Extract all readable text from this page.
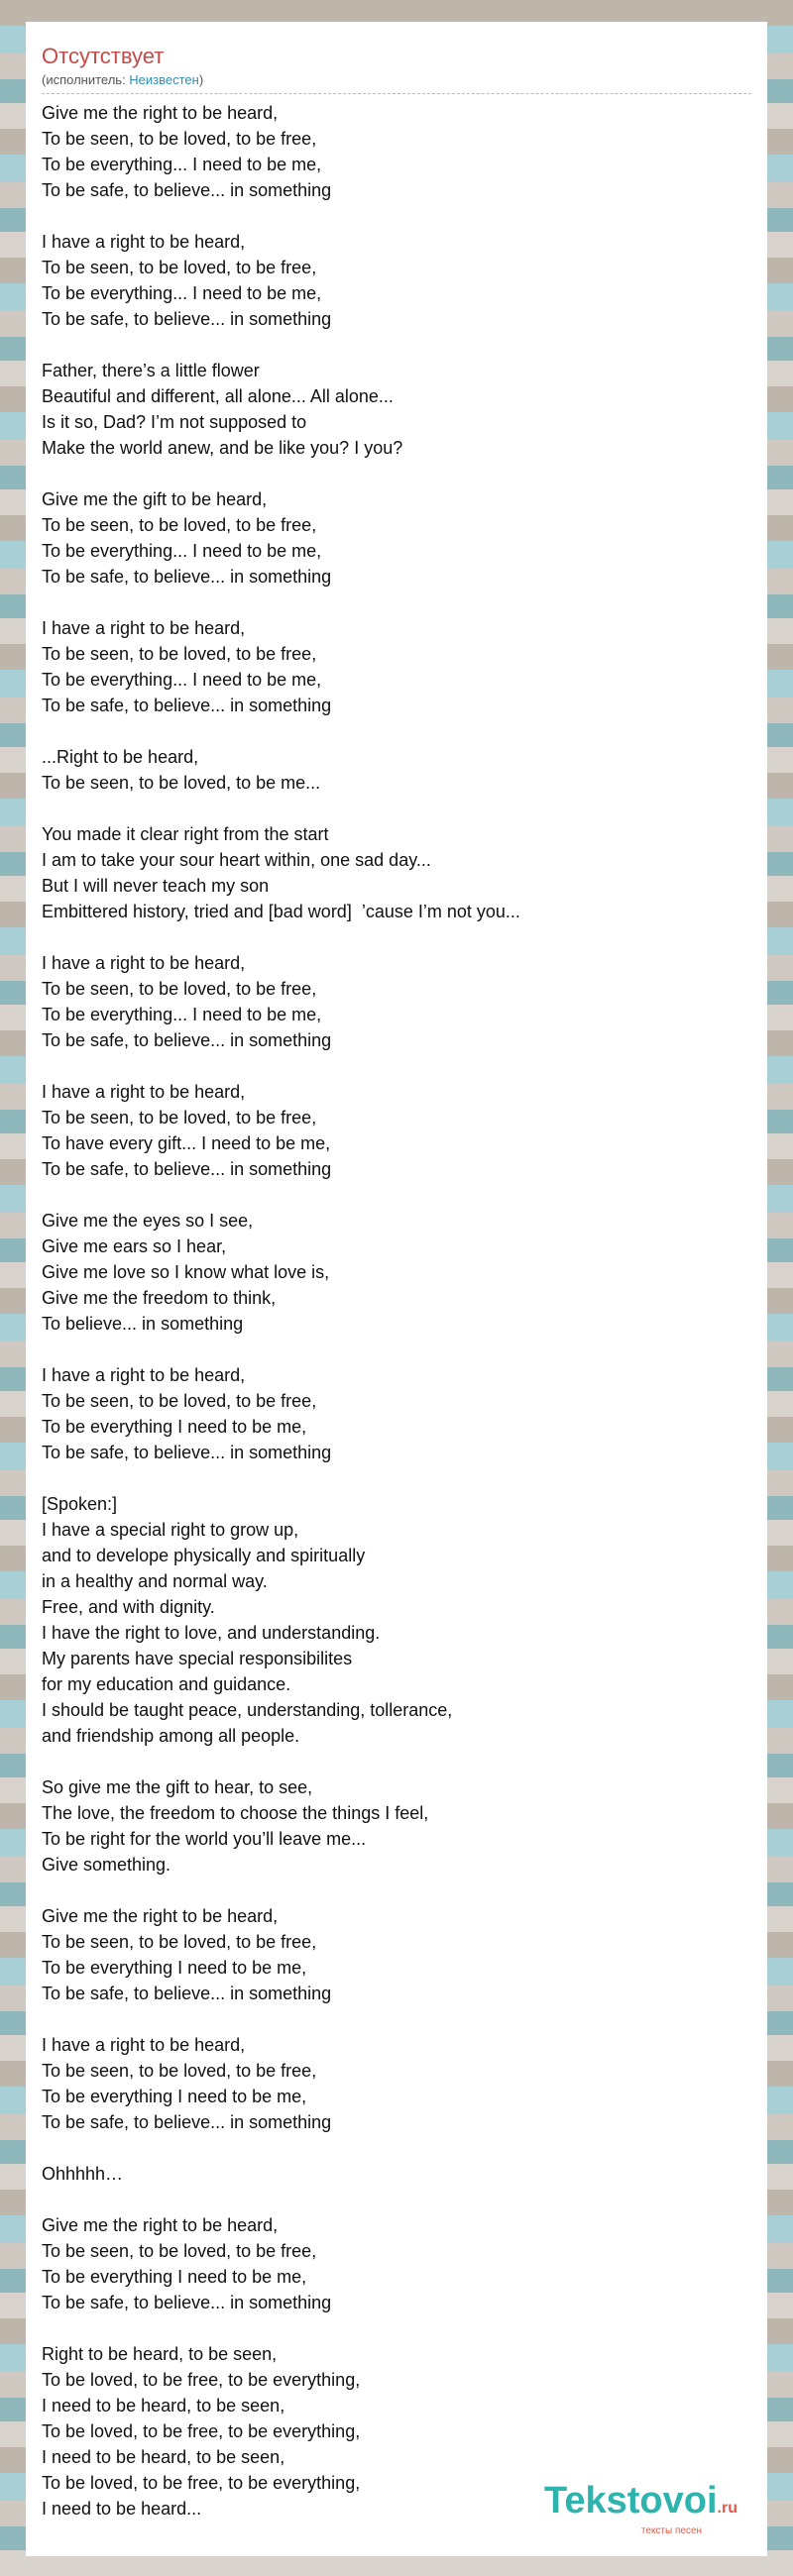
Отсутствует

(исполнитель: Неизвестен)

Give me the right to be heard,
To be seen, to be loved, to be free,
To be everything... I need to be me,
To be safe, to believe... in something
I have a right to be heard,
To be seen, to be loved, to be free,
To be everything... I need to be me,
To be safe, to believe... in something
Father, there’s a little flower
Beautiful and different, all alone... All alone...
Is it so, Dad? I’m not supposed to
Make the world anew, and be like you? I you?
Give me the gift to be heard,
To be seen, to be loved, to be free,
To be everything... I need to be me,
To be safe, to believe... in something
I have a right to be heard,
To be seen, to be loved, to be free,
To be everything... I need to be me,
To be safe, to believe... in something
...Right to be heard,
To be seen, to be loved, to be me...
You made it clear right from the start
I am to take your sour heart within, one sad day...
But I will never teach my son
Embittered history, tried and [bad word]  ’cause I’m not you...
I have a right to be heard,
To be seen, to be loved, to be free,
To be everything... I need to be me,
To be safe, to believe... in something
I have a right to be heard,
To be seen, to be loved, to be free,
To have every gift... I need to be me,
To be safe, to believe... in something
Give me the eyes so I see,
Give me ears so I hear,
Give me love so I know what love is,
Give me the freedom to think,
To believe... in something
I have a right to be heard,
To be seen, to be loved, to be free,
To be everything I need to be me,
To be safe, to believe... in something
[Spoken:]
I have a special right to grow up,
and to develope physically and spiritually
in a healthy and normal way.
Free, and with dignity.
I have the right to love, and understanding.
My parents have special responsibilites
for my education and guidance.
I should be taught peace, understanding, tollerance,
and friendship among all people.
So give me the gift to hear, to see,
The love, the freedom to choose the things I feel,
To be right for the world you’ll leave me...
Give something.
Give me the right to be heard,
To be seen, to be loved, to be free,
To be everything I need to be me,
To be safe, to believe... in something
I have a right to be heard,
To be seen, to be loved, to be free,
To be everything I need to be me,
To be safe, to believe... in something
Ohhhhh…
Give me the right to be heard,
To be seen, to be loved, to be free,
To be everything I need to be me,
To be safe, to believe... in something
Right to be heard, to be seen,
To be loved, to be free, to be everything,
I need to be heard, to be seen,
To be loved, to be free, to be everything,
I need to be heard, to be seen,
To be loved, to be free, to be everything,
I need to be heard...	Tekstovoi.ru
тексты песен
